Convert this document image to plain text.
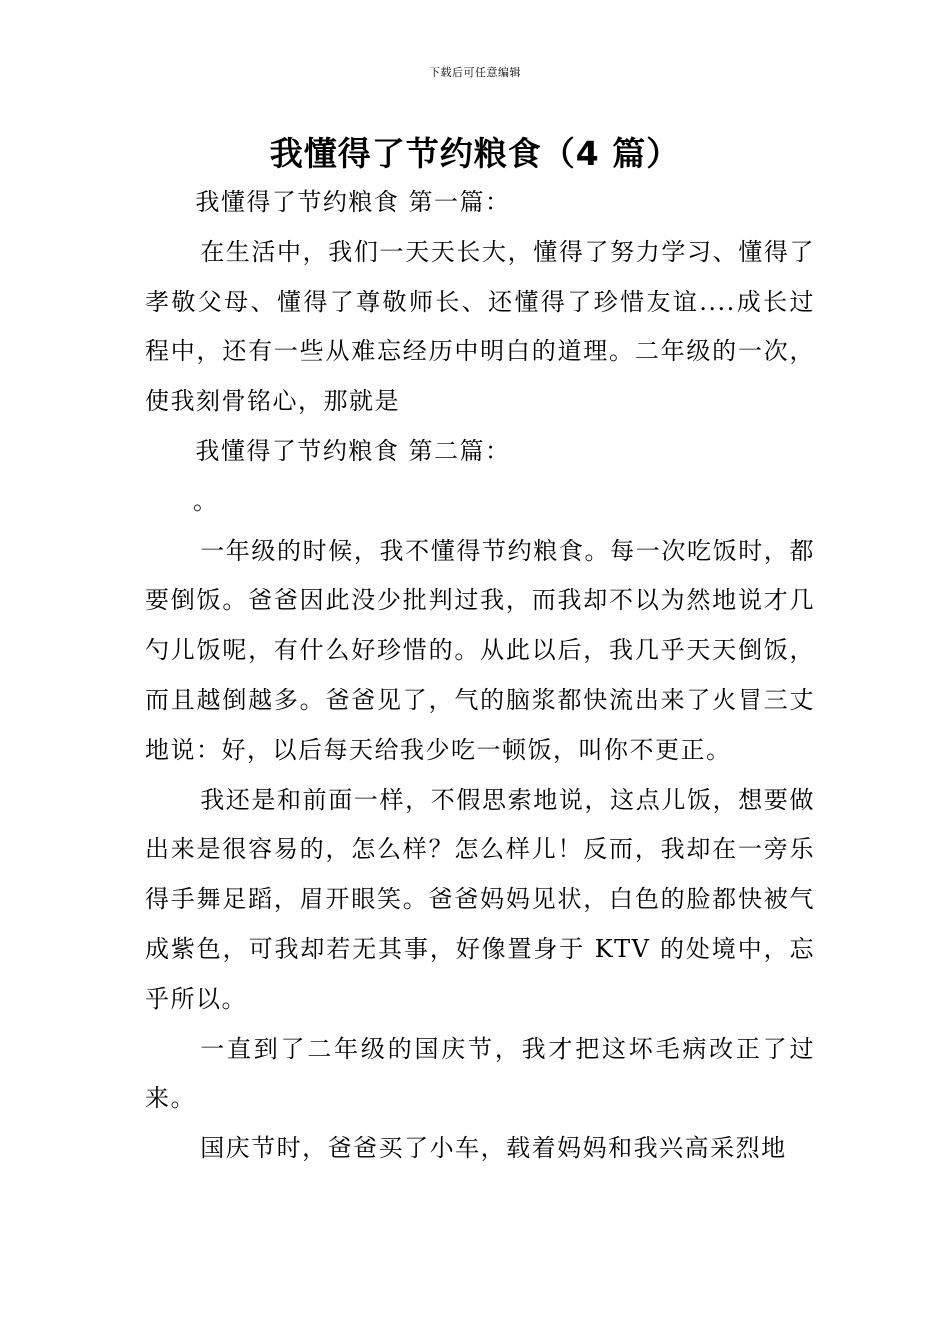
下载后可任意编辑
我懂得了节约粮食（4 篇）

我懂得了节约粮食 第一篇：

在生活中，我们一天天长大，懂得了努力学习、懂得了孝敬父母、懂得了尊敬师长、还懂得了珍惜友谊....成长过程中，还有一些从难忘经历中明白的道理。二年级的一次，使我刻骨铭心，那就是

我懂得了节约粮食 第二篇：

。

一年级的时候，我不懂得节约粮食。每一次吃饭时，都要倒饭。爸爸因此没少批判过我，而我却不以为然地说才几勺儿饭呢，有什么好珍惜的。从此以后，我几乎天天倒饭，而且越倒越多。爸爸见了，气的脑浆都快流出来了火冒三丈地说：好，以后每天给我少吃一顿饭，叫你不更正。

我还是和前面一样，不假思索地说，这点儿饭，想要做出来是很容易的，怎么样？怎么样儿！反而，我却在一旁乐得手舞足蹈，眉开眼笑。爸爸妈妈见状，白色的脸都快被气成紫色，可我却若无其事，好像置身于 KTV 的处境中，忘乎所以。

一直到了二年级的国庆节，我才把这坏毛病改正了过来。

国庆节时，爸爸买了小车，载着妈妈和我兴高采烈地
